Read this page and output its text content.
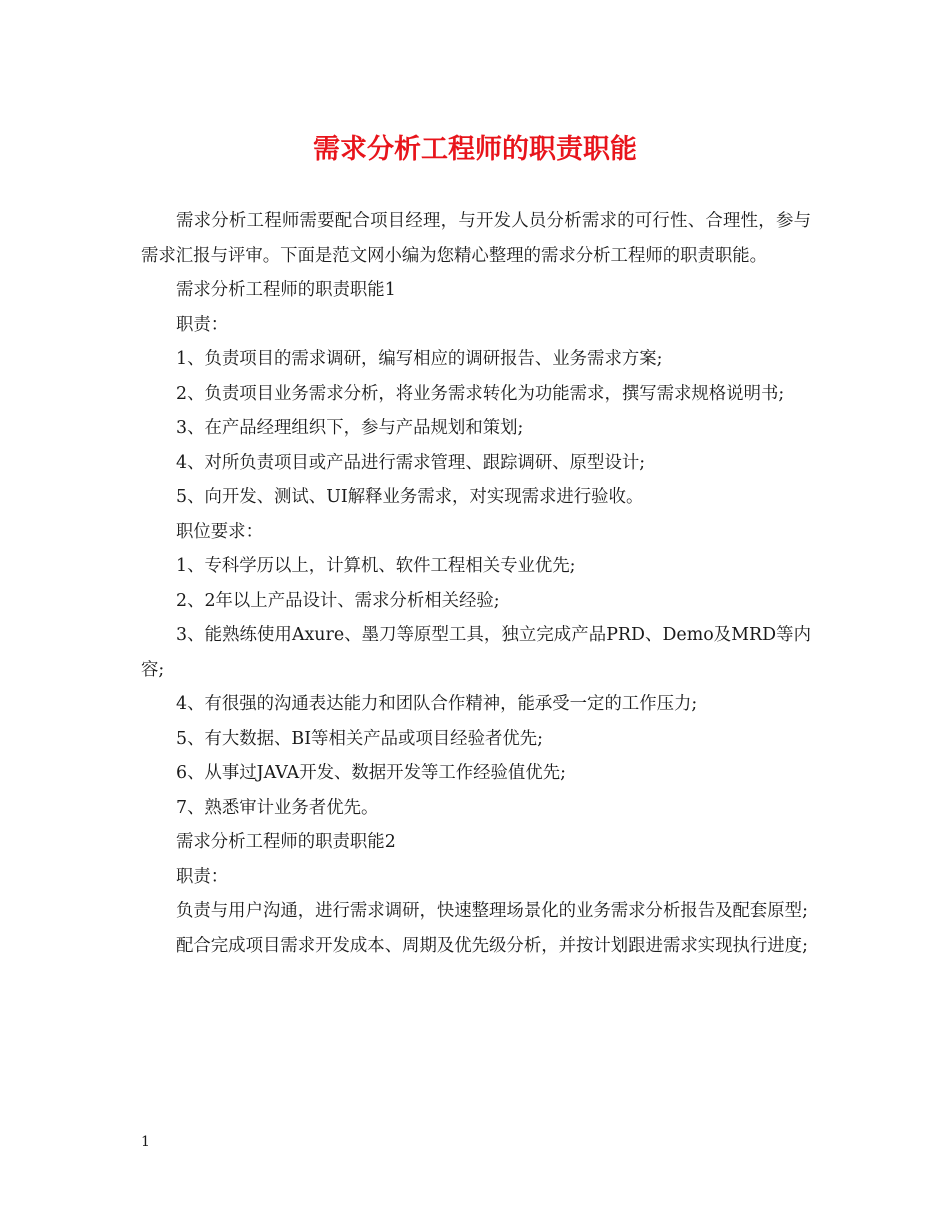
需求分析工程师的职责职能

需求分析工程师需要配合项目经理，与开发人员分析需求的可行性、合理性，参与需求汇报与评审。下面是范文网小编为您精心整理的需求分析工程师的职责职能。

需求分析工程师的职责职能1

职责：

1、负责项目的需求调研，编写相应的调研报告、业务需求方案;

2、负责项目业务需求分析，将业务需求转化为功能需求，撰写需求规格说明书;

3、在产品经理组织下，参与产品规划和策划;

4、对所负责项目或产品进行需求管理、跟踪调研、原型设计;

5、向开发、测试、UI解释业务需求，对实现需求进行验收。

职位要求：

1、专科学历以上，计算机、软件工程相关专业优先;

2、2年以上产品设计、需求分析相关经验;

3、能熟练使用Axure、墨刀等原型工具，独立完成产品PRD、Demo及MRD等内容;

4、有很强的沟通表达能力和团队合作精神，能承受一定的工作压力;

5、有大数据、BI等相关产品或项目经验者优先;

6、从事过JAVA开发、数据开发等工作经验值优先;

7、熟悉审计业务者优先。

需求分析工程师的职责职能2

职责：

负责与用户沟通，进行需求调研，快速整理场景化的业务需求分析报告及配套原型;

配合完成项目需求开发成本、周期及优先级分析，并按计划跟进需求实现执行进度;

1
